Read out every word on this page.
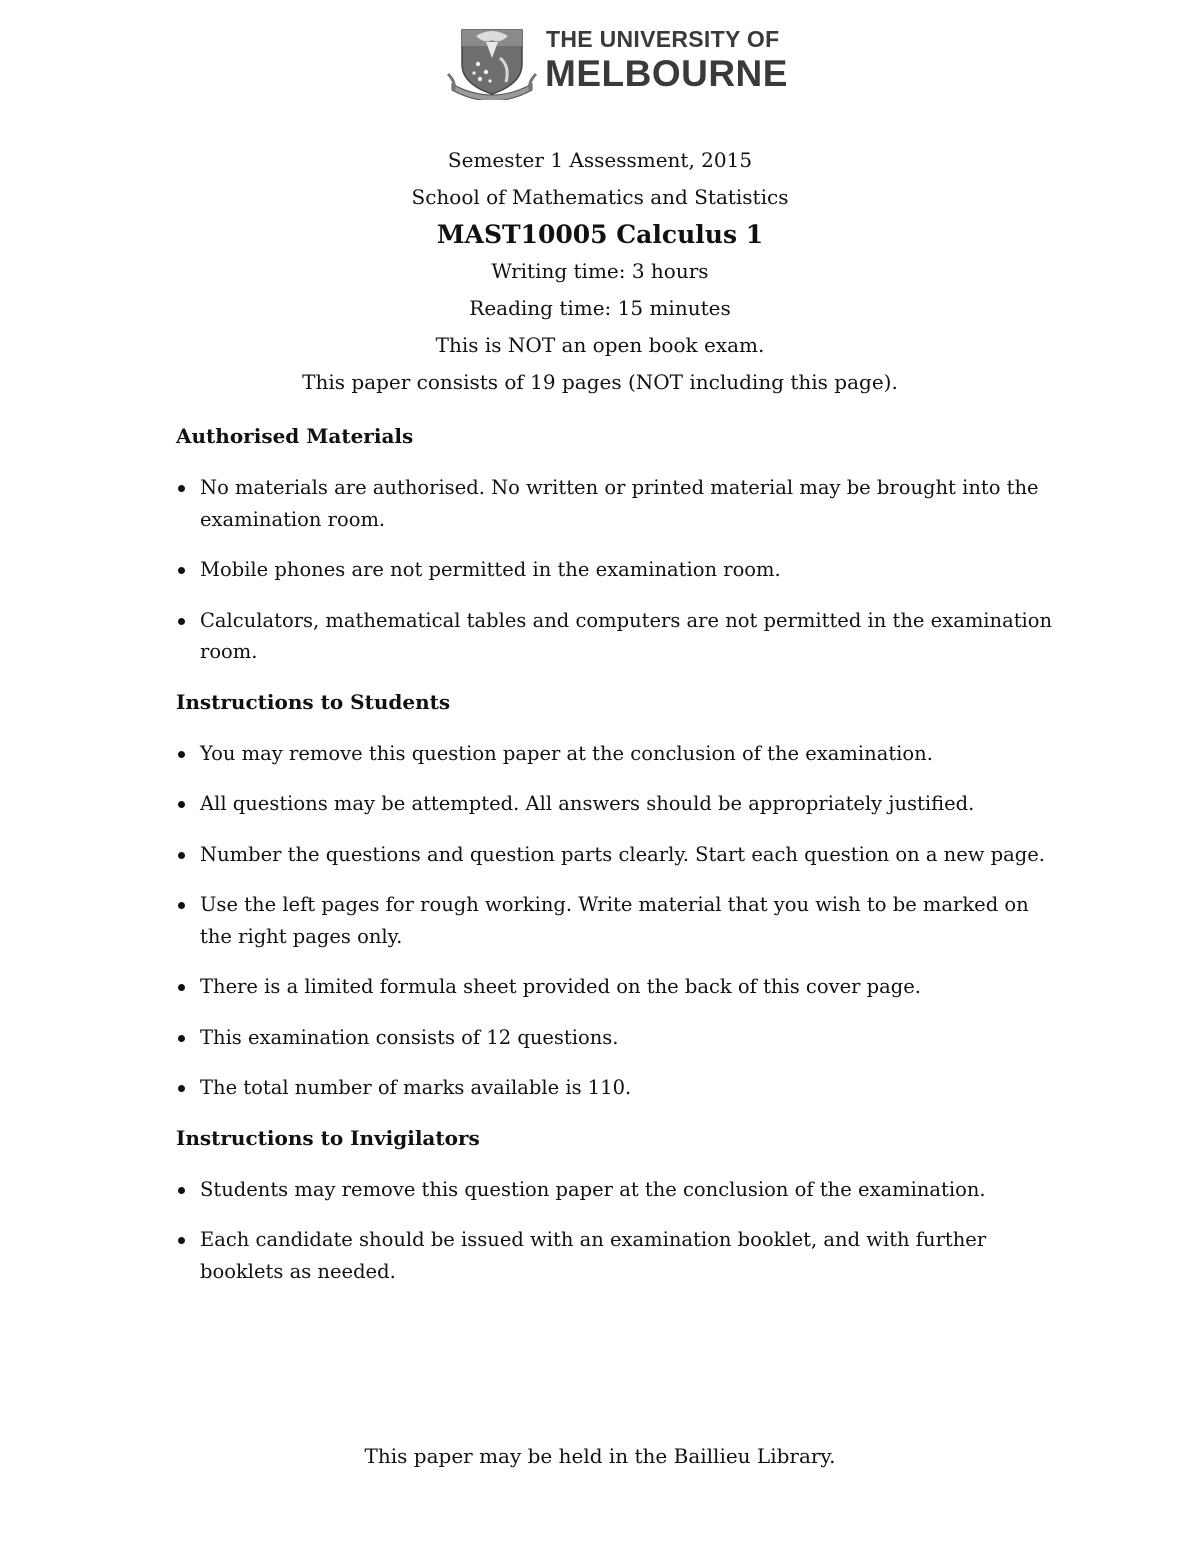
THE UNIVERSITY OF
MELBOURNE
Semester 1 Assessment, 2015
School of Mathematics and Statistics
MAST10005 Calculus 1
Writing time: 3 hours
Reading time: 15 minutes
This is NOT an open book exam.
This paper consists of 19 pages (NOT including this page).
Authorised Materials
No materials are authorised. No written or printed material may be brought into the examination room.
Mobile phones are not permitted in the examination room.
Calculators, mathematical tables and computers are not permitted in the examination room.
Instructions to Students
You may remove this question paper at the conclusion of the examination.
All questions may be attempted. All answers should be appropriately justified.
Number the questions and question parts clearly. Start each question on a new page.
Use the left pages for rough working. Write material that you wish to be marked on the right pages only.
There is a limited formula sheet provided on the back of this cover page.
This examination consists of 12 questions.
The total number of marks available is 110.
Instructions to Invigilators
Students may remove this question paper at the conclusion of the examination.
Each candidate should be issued with an examination booklet, and with further booklets as needed.
This paper may be held in the Baillieu Library.
